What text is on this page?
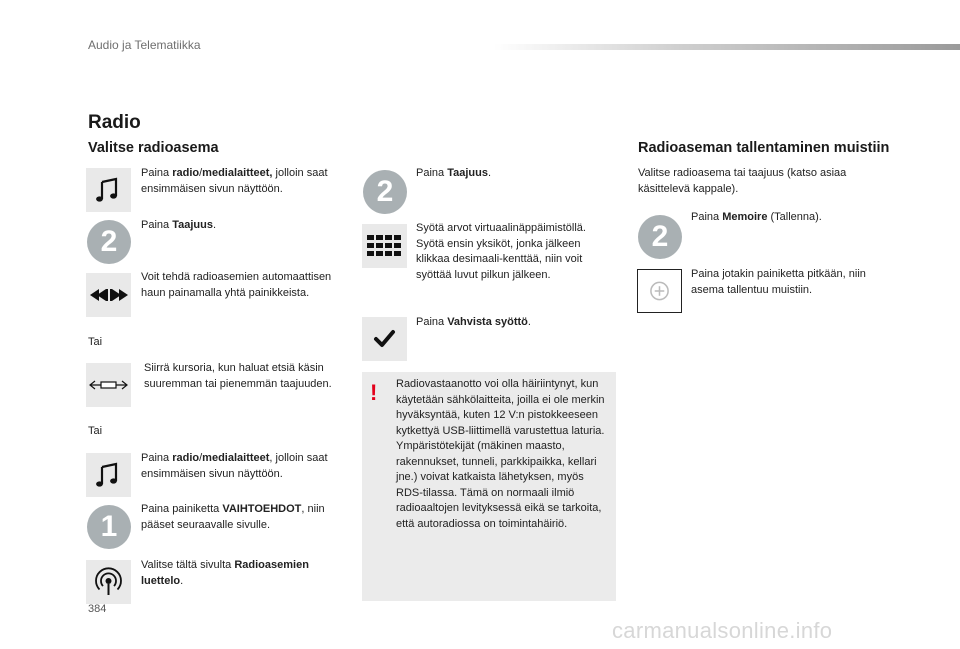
Audio ja Telematiikka
Radio
Valitse radioasema
Paina radio/medialaitteet, jolloin saat ensimmäisen sivun näyttöön.
2	Paina Taajuus.
Voit tehdä radioasemien automaattisen haun painamalla yhtä painikkeista.
Tai
Siirrä kursoria, kun haluat etsiä käsin suuremman tai pienemmän taajuuden.
Tai
Paina radio/medialaitteet, jolloin saat ensimmäisen sivun näyttöön.
1
Paina painiketta VAIHTOEHDOT, niin pääset seuraavalle sivulle.
Valitse tältä sivulta Radioasemien luettelo.
2
Paina Taajuus.
Syötä arvot virtuaalinäppäimistöllä. Syötä ensin yksiköt, jonka jälkeen klikkaa desimaali-kenttää, niin voit syöttää luvut pilkun jälkeen.
Paina Vahvista syöttö.
! Radiovastaanotto voi olla häiriintynyt, kun käytetään sähkölaitteita, joilla ei ole merkin hyväksyntää, kuten 12 V:n pistokkeeseen kytkettyä USB-liittimellä varustettua laturia.
Ympäristötekijät (mäkinen maasto, rakennukset, tunneli, parkkipaikka, kellari jne.) voivat katkaista lähetyksen, myös RDS-tilassa. Tämä on normaali ilmiö radioaaltojen levityksessä eikä se tarkoita, että autoradiossa on toimintahäiriö.
Radioaseman tallentaminen muistiin
Valitse radioasema tai taajuus (katso asiaa käsittelevä kappale).
2
Paina Memoire (Tallenna).
Paina jotakin painiketta pitkään, niin asema tallentuu muistiin.
384
carmanualsonline.info
